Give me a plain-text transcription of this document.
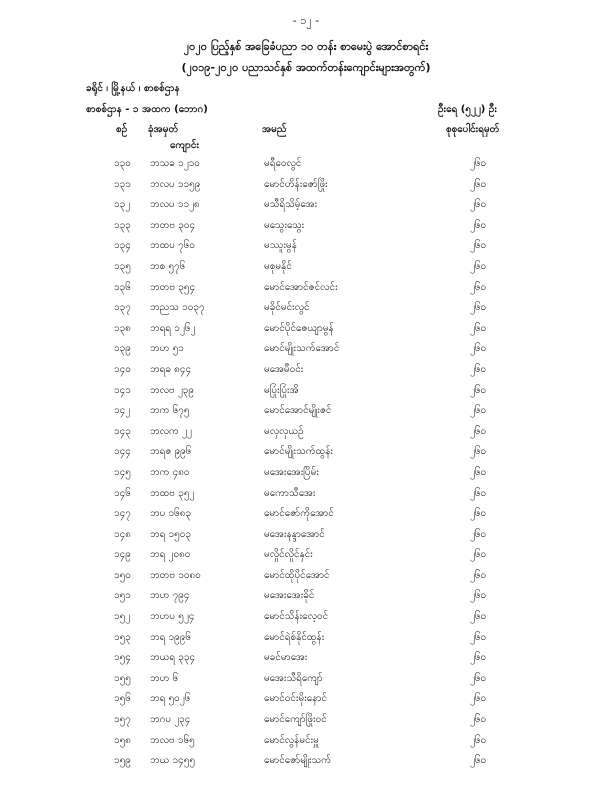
- ၁၂ -
၂၀၂၀ ပြည့်နှစ် အခြေခံပညာ ၁၀ တန်း စာမေးပွဲ အောင်စာရင်း
(၂၀၁၉-၂၀၂၀ ပညာသင်နှစ် အထက်တန်းကျောင်းများအတွက်)
ခရိုင် ၊ မြို့နယ် ၊ စာစစ်ဌာန
စာစစ်ဌာန - ၁ အထက (ဘောဂ)	ဦးရေ (၅၂၂) ဦး
စဉ် ခုံအမှတ်
ကျောင်း
အမည်	စုစုပေါင်းရမှတ်
၁၃၀ ဘသခ ၁၂၁၀	မရီဝေလွင်	၂၆၀
၁၃၁ ဘလပ ၁၁၅၉	မောင်ဟိန်းဇော်ဖြိုး	၂၆၀
၁၃၂ ဘလပ ၁၁၂၈	မသီရိသိမ့်အေး	၂၆၀
၁၃၃ ဘတဗ ၃၀၄	မသွေးသွေး	၂၆၀
၁၃၄ ဘထပ ၇၆၀	မဿူးမွန်	၂၆၀
၁၃၅ ဘစ ၅၇၆	မစုမနိုင်	၂၆၀
၁၃၆ ဘတဗ ၃၅၄	မောင်အောင်ဇင်လင်း	၂၆၀
၁၃၇ ဘညသ ၁၀၃၇	မခိုင်မင်းလွင်	၂၆၀
၁၃၈ ဘရရ ၁၂၆၂	မောင်ပိုင်ဇေယျာမွန်	၂၆၀
၁၃၉ ဘဟ ၅၁	မောင်မျိုးသက်အောင်	၂၆၀
၁၄၀ ဘရခ ၈၄၄	မအေမီဝင်း	၂၆၀
၁၄၁ ဘလဗ ၂၃၉	မပြုံးပြုံးအိ	၂၆၀
၁၄၂ ဘက ၆၇၅	မောင်အောင်မျိုးဇင်	၂၆၀
၁၄၃ ဘလက ၂၂	မလှလှယဉ်	၂၆၀
၁၄၄ ဘရဇ ၉၉၆	မောင်မျိုးသက်ထွန်း	၂၆၀
၁၄၅ ဘက ၄၈၀	မအေးအေးပြိမ်း	၂၆၀
၁၄၆ ဘထဗ ၃၅၂	မကောသီအေး	၂၆၀
၁၄၇ ဘပ ၁၆၈၃	မောင်ဇော်ကိုအောင်	၂၆၀
၁၄၈ ဘရ ၁၅၀၃	မအေးနန္ဒာအောင်	၂၆၀
၁၄၉ ဘရ ၂၀၈၀	မလှိုင်လှိုင်နှင်း	၂၆၀
၁၅၀ ဘတဗ ၁၀၈၀	မောင်ထိုပိုင်အောင်	၂၆၀
၁၅၁ ဘဟ ၇၉၄	မအေးအေးခိုင်	၂၆၀
၁၅၂ ဘဟပ ၅၂၄	မောင်သိန်းလေ့ဝင်	၂၆၀
၁၅၃ ဘရ ၁၉၉၆	မောင်ရဲစ်နိုင်ထွန်း	၂၆၀
၁၅၄ ဘယရ ၃၃၄	မခင်မာအေး	၂၆၀
၁၅၅ ဘဟ ၆	မအေးသီရိကျော်	၂၆၀
၁၅၆ ဘရ ၅၀၂၆	မောင်ဝင်းမိုးနောင်	၂၆၀
၁၅၇ ဘဂပ ၂၃၄	မောင်ကျော်ဖြိုးဝင်	၂၆၀
၁၅၈ ဘလဗ ၁၆၅	မောင်လွန်မင်းမှူ	၂၆၀
၁၅၉ ဘယ ၁၄၅၅	မောင်ဇော်မျိုးသက်	၂၆၀
